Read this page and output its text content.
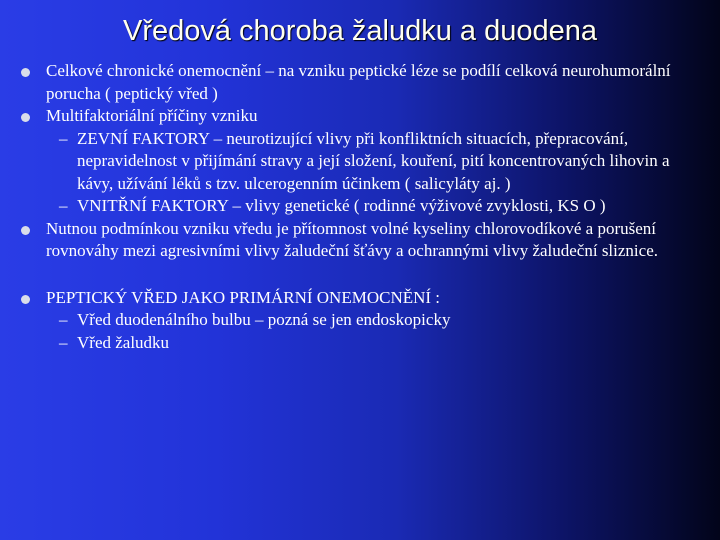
Vředová choroba žaludku a duodena
Celkové chronické onemocnění – na vzniku peptické léze se podílí celková neurohumorální porucha ( peptický vřed )
Multifaktoriální příčiny vzniku
– ZEVNÍ FAKTORY – neurotizující vlivy při konfliktních situacích, přepracování, nepravidelnost v přijímání stravy a její složení, kouření, pití koncentrovaných lihovin a kávy, užívání léků s tzv. ulcerogenním účinkem ( salicyláty aj. )
– VNITŘNÍ FAKTORY – vlivy genetické ( rodinné výživové zvyklosti, KS O )
Nutnou podmínkou vzniku vředu je přítomnost volné kyseliny chlorovodíkové a porušení rovnováhy mezi agresivními vlivy žaludeční šťávy a ochrannými vlivy žaludeční sliznice.
PEPTICKÝ VŘED JAKO PRIMÁRNÍ ONEMOCNĚNÍ :
– Vřed duodenálního bulbu – pozná se jen endoskopicky
– Vřed žaludku
